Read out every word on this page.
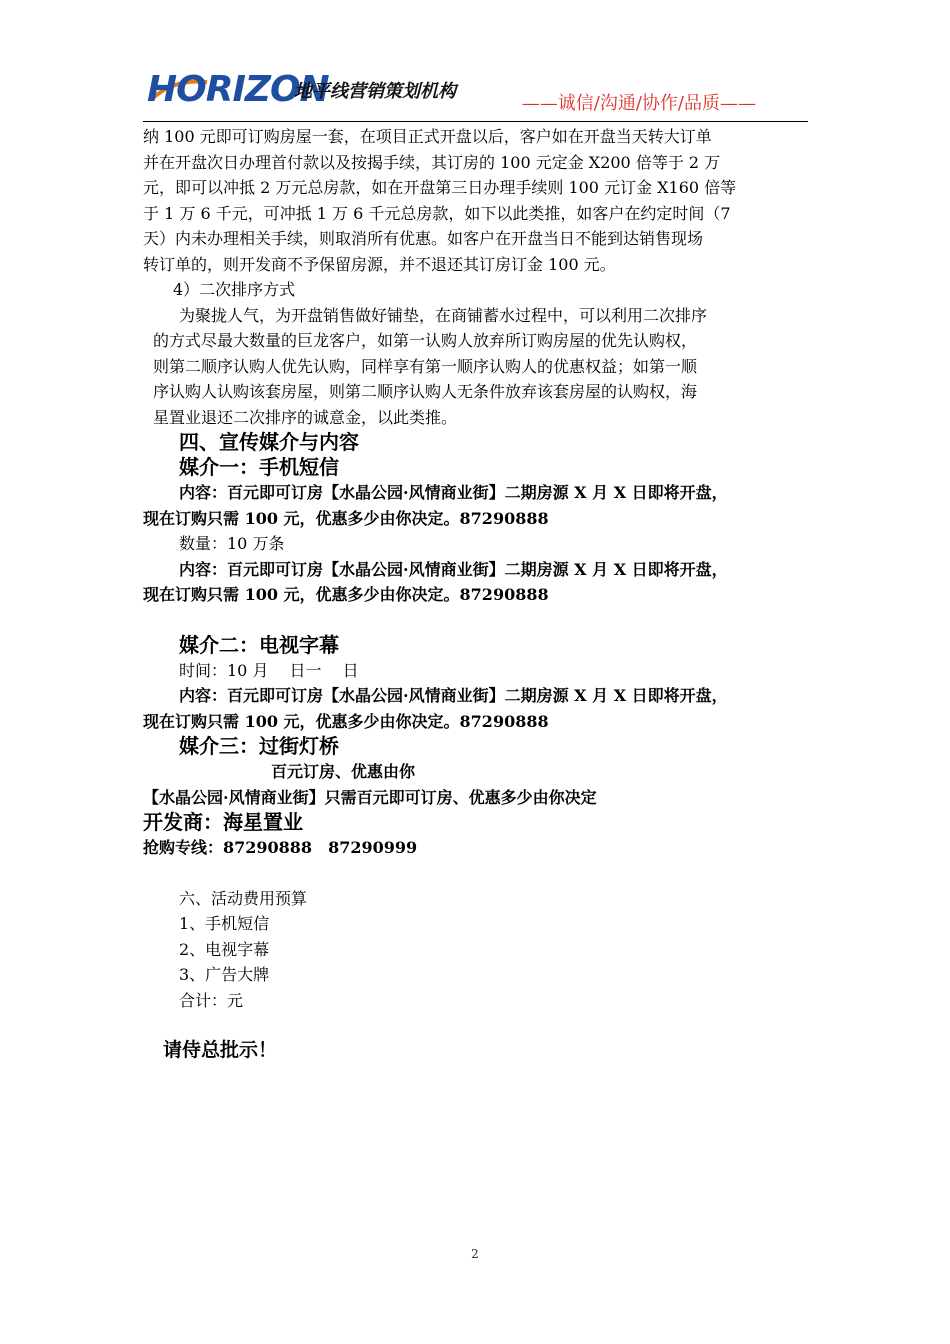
HORIZON
地平线营销策划机构
——诚信/沟通/协作/品质——

纳 100 元即可订购房屋一套，在项目正式开盘以后，客户如在开盘当天转大订单

并在开盘次日办理首付款以及按揭手续，其订房的 100 元定金 X200 倍等于 2 万

元，即可以冲抵 2 万元总房款，如在开盘第三日办理手续则 100 元订金 X160 倍等

于 1 万 6 千元，可冲抵 1 万 6 千元总房款，如下以此类推，如客户在约定时间（7

天）内未办理相关手续，则取消所有优惠。如客户在开盘当日不能到达销售现场

转订单的，则开发商不予保留房源，并不退还其订房订金 100 元。

4）二次排序方式

为聚拢人气，为开盘销售做好铺垫，在商铺蓄水过程中，可以利用二次排序

的方式尽最大数量的巨龙客户，如第一认购人放弃所订购房屋的优先认购权，

则第二顺序认购人优先认购，同样享有第一顺序认购人的优惠权益；如第一顺

序认购人认购该套房屋，则第二顺序认购人无条件放弃该套房屋的认购权，海

星置业退还二次排序的诚意金，以此类推。

四、宣传媒介与内容

媒介一：手机短信

内容：百元即可订房【水晶公园·风情商业街】二期房源 X 月 X 日即将开盘，

现在订购只需 100 元，优惠多少由你决定。87290888

数量：10 万条

内容：百元即可订房【水晶公园·风情商业街】二期房源 X 月 X 日即将开盘，

现在订购只需 100 元，优惠多少由你决定。87290888

媒介二：电视字幕

时间：10 月　 日一　 日

内容：百元即可订房【水晶公园·风情商业街】二期房源 X 月 X 日即将开盘，

现在订购只需 100 元，优惠多少由你决定。87290888

媒介三：过街灯桥

百元订房、优惠由你

【水晶公园·风情商业街】只需百元即可订房、优惠多少由你决定

开发商：海星置业

抢购专线：87290888　87290999

六、活动费用预算

1、手机短信

2、电视字幕

3、广告大牌

合计：元

请侍总批示！

2
